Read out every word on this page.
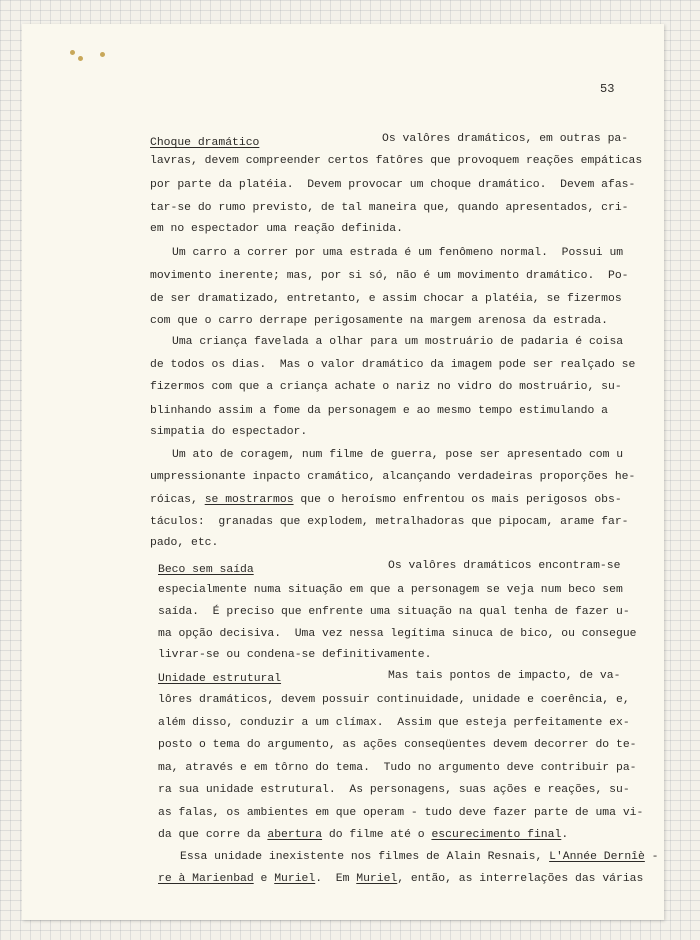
53
Choque dramático	Os valôres dramáticos, em outras pa-
lavras, devem compreender certos fatôres que provoquem reações empáticas
por parte da platéia.  Devem provocar um choque dramático.  Devem afas-
tar-se do rumo previsto, de tal maneira que, quando apresentados, cri-
em no espectador uma reação definida.
Um carro a correr por uma estrada é um fenômeno normal.  Possui um
movimento inerente; mas, por si só, não é um movimento dramático.  Po-
de ser dramatizado, entretanto, e assim chocar a platéia, se fizermos
com que o carro derrape perigosamente na margem arenosa da estrada.
Uma criança favelada a olhar para um mostruário de padaria é coisa
de todos os dias.  Mas o valor dramático da imagem pode ser realçado se
fizermos com que a criança achate o nariz no vidro do mostruário, su-
blinhando assim a fome da personagem e ao mesmo tempo estimulando a
simpatia do espectador.
Um ato de coragem, num filme de guerra, pose ser apresentado com u
umpressionante inpacto cramático, alcançando verdadeiras proporções he-
róicas, se mostrarmos que o heroísmo enfrentou os mais perigosos obs-
táculos:  granadas que explodem, metralhadoras que pipocam, arame far-
pado, etc.
Beco sem saída	Os valôres dramáticos encontram-se
especialmente numa situação em que a personagem se veja num beco sem
saída.  É preciso que enfrente uma situação na qual tenha de fazer u-
ma opção decisiva.  Uma vez nessa legítima sinuca de bico, ou consegue
livrar-se ou condena-se definitivamente.
Unidade estrutural	Mas tais pontos de impacto, de va-
lôres dramáticos, devem possuir continuidade, unidade e coerência, e,
além disso, conduzir a um clímax.  Assim que esteja perfeitamente ex-
posto o tema do argumento, as ações conseqüentes devem decorrer do te-
ma, através e em tôrno do tema.  Tudo no argumento deve contribuir pa-
ra sua unidade estrutural.  As personagens, suas ações e reações, su-
as falas, os ambientes em que operam - tudo deve fazer parte de uma vi-
da que corre da abertura do filme até o escurecimento final.
Essa unidade inexistente nos filmes de Alain Resnais, L'Année Dernîè -
re à Marienbad e Muriel.  Em Muriel, então, as interrelações das várias
